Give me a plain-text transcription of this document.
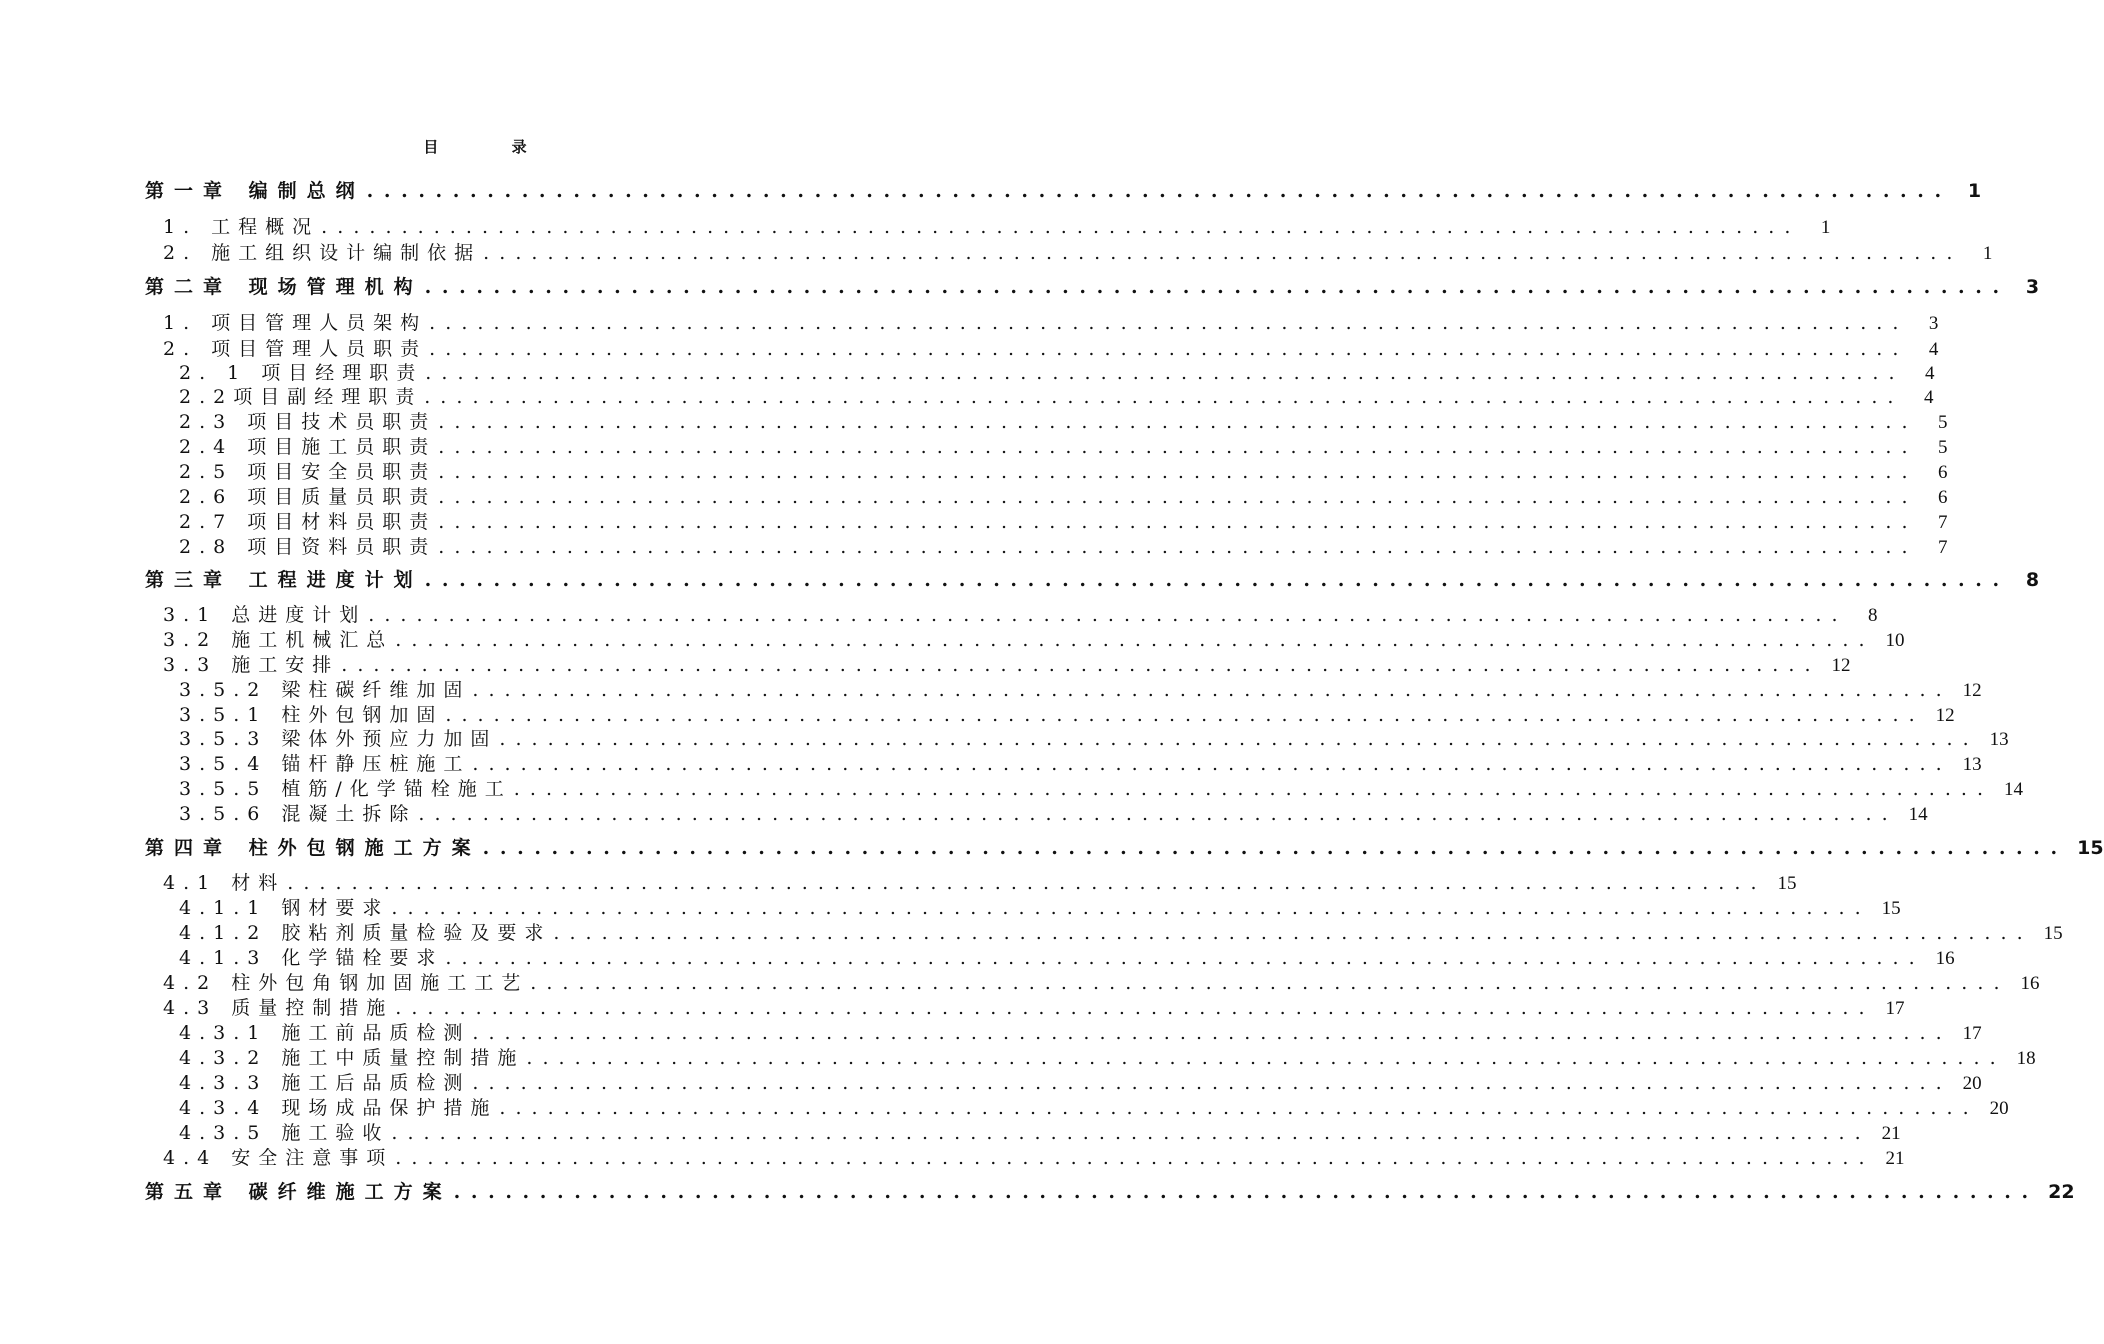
目 录
第一章 编制总纲 . . . . . . . . . . . . . . . . . . . . . . . . . . . . . . . . . . . . . . . . . . . . . . . . . . . . . . . . . . . . . . . . . . . . . . . . . . . . . . . . . . . . . . . . . . . .	1
1. 工程概况 . . . . . . . . . . . . . . . . . . . . . . . . . . . . . . . . . . . . . . . . . . . . . . . . . . . . . . . . . . . . . . . . . . . . . . . . . . . . . . . . . . . . . . . . . . . .	1
2. 施工组织设计编制依据 . . . . . . . . . . . . . . . . . . . . . . . . . . . . . . . . . . . . . . . . . . . . . . . . . . . . . . . . . . . . . . . . . . . . . . . . . . . . . . . . . . . . . . . . . . . .	1
第二章 现场管理机构 . . . . . . . . . . . . . . . . . . . . . . . . . . . . . . . . . . . . . . . . . . . . . . . . . . . . . . . . . . . . . . . . . . . . . . . . . . . . . . . . . . . . . . . . . . . .	3
1. 项目管理人员架构 . . . . . . . . . . . . . . . . . . . . . . . . . . . . . . . . . . . . . . . . . . . . . . . . . . . . . . . . . . . . . . . . . . . . . . . . . . . . . . . . . . . . . . . . . . . .	3
2. 项目管理人员职责 . . . . . . . . . . . . . . . . . . . . . . . . . . . . . . . . . . . . . . . . . . . . . . . . . . . . . . . . . . . . . . . . . . . . . . . . . . . . . . . . . . . . . . . . . . . .	4
2. 1 项目经理职责 . . . . . . . . . . . . . . . . . . . . . . . . . . . . . . . . . . . . . . . . . . . . . . . . . . . . . . . . . . . . . . . . . . . . . . . . . . . . . . . . . . . . . . . . . . . .	4
2.2项目副经理职责 . . . . . . . . . . . . . . . . . . . . . . . . . . . . . . . . . . . . . . . . . . . . . . . . . . . . . . . . . . . . . . . . . . . . . . . . . . . . . . . . . . . . . . . . . . . .	4
2.3 项目技术员职责 . . . . . . . . . . . . . . . . . . . . . . . . . . . . . . . . . . . . . . . . . . . . . . . . . . . . . . . . . . . . . . . . . . . . . . . . . . . . . . . . . . . . . . . . . . . .	5
2.4 项目施工员职责 . . . . . . . . . . . . . . . . . . . . . . . . . . . . . . . . . . . . . . . . . . . . . . . . . . . . . . . . . . . . . . . . . . . . . . . . . . . . . . . . . . . . . . . . . . . .	5
2.5 项目安全员职责 . . . . . . . . . . . . . . . . . . . . . . . . . . . . . . . . . . . . . . . . . . . . . . . . . . . . . . . . . . . . . . . . . . . . . . . . . . . . . . . . . . . . . . . . . . . .	6
2.6 项目质量员职责 . . . . . . . . . . . . . . . . . . . . . . . . . . . . . . . . . . . . . . . . . . . . . . . . . . . . . . . . . . . . . . . . . . . . . . . . . . . . . . . . . . . . . . . . . . . .	6
2.7 项目材料员职责 . . . . . . . . . . . . . . . . . . . . . . . . . . . . . . . . . . . . . . . . . . . . . . . . . . . . . . . . . . . . . . . . . . . . . . . . . . . . . . . . . . . . . . . . . . . .	7
2.8 项目资料员职责 . . . . . . . . . . . . . . . . . . . . . . . . . . . . . . . . . . . . . . . . . . . . . . . . . . . . . . . . . . . . . . . . . . . . . . . . . . . . . . . . . . . . . . . . . . . .	7
第三章 工程进度计划 . . . . . . . . . . . . . . . . . . . . . . . . . . . . . . . . . . . . . . . . . . . . . . . . . . . . . . . . . . . . . . . . . . . . . . . . . . . . . . . . . . . . . . . . . . . .	8
3.1 总进度计划 . . . . . . . . . . . . . . . . . . . . . . . . . . . . . . . . . . . . . . . . . . . . . . . . . . . . . . . . . . . . . . . . . . . . . . . . . . . . . . . . . . . . . . . . . . . .	8
3.2 施工机械汇总 . . . . . . . . . . . . . . . . . . . . . . . . . . . . . . . . . . . . . . . . . . . . . . . . . . . . . . . . . . . . . . . . . . . . . . . . . . . . . . . . . . . . . . . . . . . . 10
3.3 施工安排 . . . . . . . . . . . . . . . . . . . . . . . . . . . . . . . . . . . . . . . . . . . . . . . . . . . . . . . . . . . . . . . . . . . . . . . . . . . . . . . . . . . . . . . . . . . . 12
3.5.2 梁柱碳纤维加固 . . . . . . . . . . . . . . . . . . . . . . . . . . . . . . . . . . . . . . . . . . . . . . . . . . . . . . . . . . . . . . . . . . . . . . . . . . . . . . . . . . . . . . . . . . . . 12
3.5.1 柱外包钢加固 . . . . . . . . . . . . . . . . . . . . . . . . . . . . . . . . . . . . . . . . . . . . . . . . . . . . . . . . . . . . . . . . . . . . . . . . . . . . . . . . . . . . . . . . . . . . 12
3.5.3 梁体外预应力加固 . . . . . . . . . . . . . . . . . . . . . . . . . . . . . . . . . . . . . . . . . . . . . . . . . . . . . . . . . . . . . . . . . . . . . . . . . . . . . . . . . . . . . . . . . . . . 13
3.5.4 锚杆静压桩施工 . . . . . . . . . . . . . . . . . . . . . . . . . . . . . . . . . . . . . . . . . . . . . . . . . . . . . . . . . . . . . . . . . . . . . . . . . . . . . . . . . . . . . . . . . . . . 13
3.5.5 植筋/化学锚栓施工 . . . . . . . . . . . . . . . . . . . . . . . . . . . . . . . . . . . . . . . . . . . . . . . . . . . . . . . . . . . . . . . . . . . . . . . . . . . . . . . . . . . . . . . . . . . . 14
3.5.6 混凝土拆除 . . . . . . . . . . . . . . . . . . . . . . . . . . . . . . . . . . . . . . . . . . . . . . . . . . . . . . . . . . . . . . . . . . . . . . . . . . . . . . . . . . . . . . . . . . . . 14
第四章 柱外包钢施工方案 . . . . . . . . . . . . . . . . . . . . . . . . . . . . . . . . . . . . . . . . . . . . . . . . . . . . . . . . . . . . . . . . . . . . . . . . . . . . . . . . . . . . . . . . . . . . 15
4.1 材料 . . . . . . . . . . . . . . . . . . . . . . . . . . . . . . . . . . . . . . . . . . . . . . . . . . . . . . . . . . . . . . . . . . . . . . . . . . . . . . . . . . . . . . . . . . . . 15
4.1.1 钢材要求 . . . . . . . . . . . . . . . . . . . . . . . . . . . . . . . . . . . . . . . . . . . . . . . . . . . . . . . . . . . . . . . . . . . . . . . . . . . . . . . . . . . . . . . . . . . . 15
4.1.2 胶粘剂质量检验及要求 . . . . . . . . . . . . . . . . . . . . . . . . . . . . . . . . . . . . . . . . . . . . . . . . . . . . . . . . . . . . . . . . . . . . . . . . . . . . . . . . . . . . . . . . . . . . 15
4.1.3 化学锚栓要求 . . . . . . . . . . . . . . . . . . . . . . . . . . . . . . . . . . . . . . . . . . . . . . . . . . . . . . . . . . . . . . . . . . . . . . . . . . . . . . . . . . . . . . . . . . . . 16
4.2 柱外包角钢加固施工工艺 . . . . . . . . . . . . . . . . . . . . . . . . . . . . . . . . . . . . . . . . . . . . . . . . . . . . . . . . . . . . . . . . . . . . . . . . . . . . . . . . . . . . . . . . . . . . 16
4.3 质量控制措施 . . . . . . . . . . . . . . . . . . . . . . . . . . . . . . . . . . . . . . . . . . . . . . . . . . . . . . . . . . . . . . . . . . . . . . . . . . . . . . . . . . . . . . . . . . . . 17
4.3.1 施工前品质检测 . . . . . . . . . . . . . . . . . . . . . . . . . . . . . . . . . . . . . . . . . . . . . . . . . . . . . . . . . . . . . . . . . . . . . . . . . . . . . . . . . . . . . . . . . . . . 17
4.3.2 施工中质量控制措施 . . . . . . . . . . . . . . . . . . . . . . . . . . . . . . . . . . . . . . . . . . . . . . . . . . . . . . . . . . . . . . . . . . . . . . . . . . . . . . . . . . . . . . . . . . . . 18
4.3.3 施工后品质检测 . . . . . . . . . . . . . . . . . . . . . . . . . . . . . . . . . . . . . . . . . . . . . . . . . . . . . . . . . . . . . . . . . . . . . . . . . . . . . . . . . . . . . . . . . . . . 20
4.3.4 现场成品保护措施 . . . . . . . . . . . . . . . . . . . . . . . . . . . . . . . . . . . . . . . . . . . . . . . . . . . . . . . . . . . . . . . . . . . . . . . . . . . . . . . . . . . . . . . . . . . . 20
4.3.5 施工验收 . . . . . . . . . . . . . . . . . . . . . . . . . . . . . . . . . . . . . . . . . . . . . . . . . . . . . . . . . . . . . . . . . . . . . . . . . . . . . . . . . . . . . . . . . . . . 21
4.4 安全注意事项 . . . . . . . . . . . . . . . . . . . . . . . . . . . . . . . . . . . . . . . . . . . . . . . . . . . . . . . . . . . . . . . . . . . . . . . . . . . . . . . . . . . . . . . . . . . . 21
第五章 碳纤维施工方案 . . . . . . . . . . . . . . . . . . . . . . . . . . . . . . . . . . . . . . . . . . . . . . . . . . . . . . . . . . . . . . . . . . . . . . . . . . . . . . . . . . . . . . . . . . . . 22
